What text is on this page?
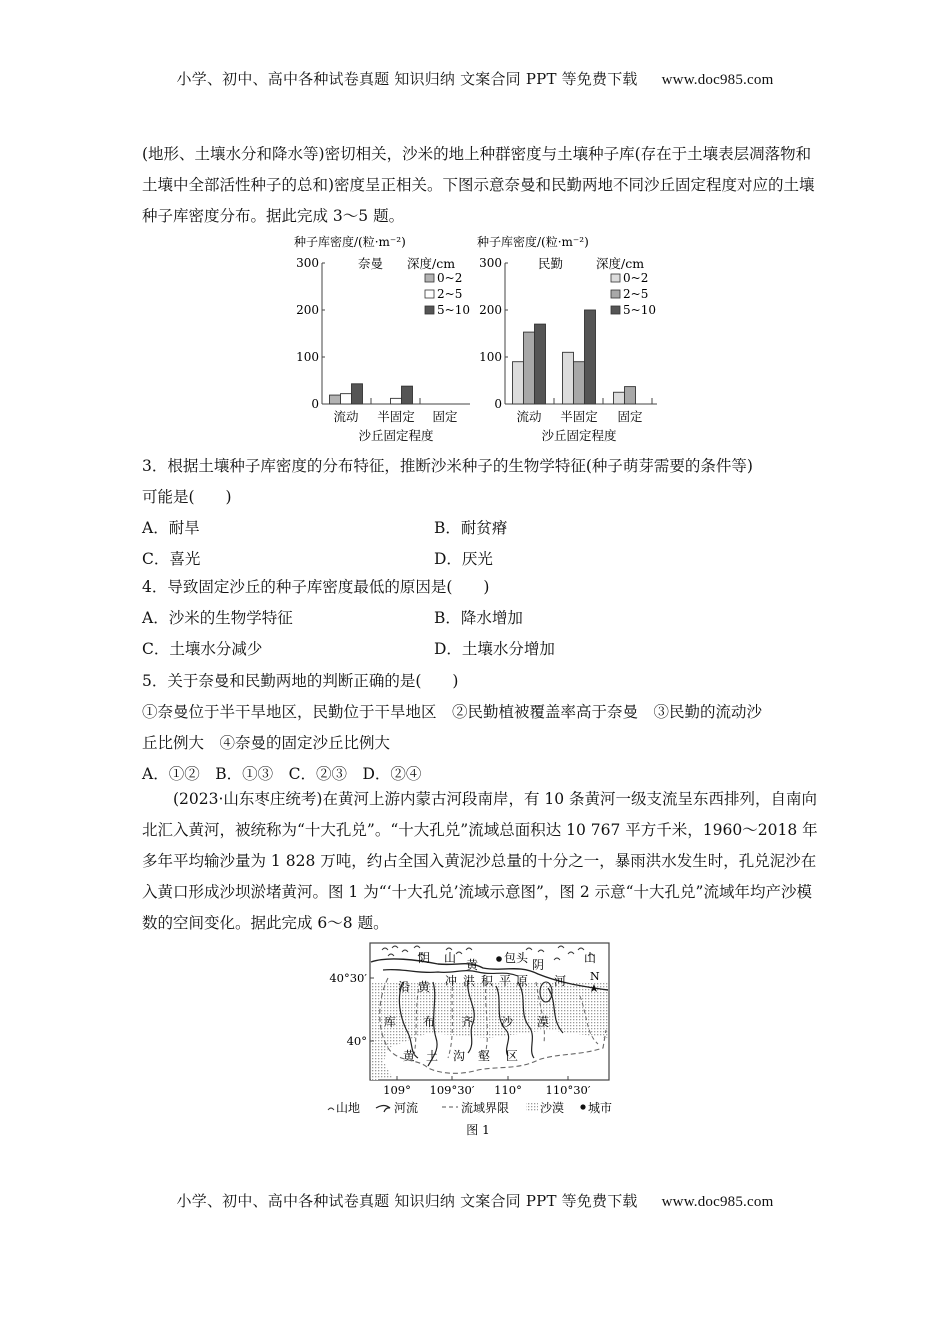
小学、初中、高中各种试卷真题 知识归纳 文案合同 PPT 等免费下载 www.doc985.com
(地形、土壤水分和降水等)密切相关，沙米的地上种群密度与土壤种子库(存在于土壤表层凋落物和土壤中全部活性种子的总和)密度呈正相关。下图示意奈曼和民勤两地不同沙丘固定程度对应的土壤种子库密度分布。据此完成 3～5 题。
种子库密度/(粒·m⁻²)
奈曼 深度/cm
300
200
100
0
0~2
2~5
5~10
流动 半固定 固定
沙丘固定程度
种子库密度/(粒·m⁻²)
民勤	深度/cm
300
200
100
0
0~2
2~5
5~10
流动 半固定 固定
沙丘固定程度
3．根据土壤种子库密度的分布特征，推断沙米种子的生物学特征(种子萌芽需要的条件等)
可能是(　　)
A．耐旱	B．耐贫瘠
C．喜光	D．厌光
4．导致固定沙丘的种子库密度最低的原因是(　　)
A．沙米的生物学特征	B．降水增加
C．土壤水分减少	D．土壤水分增加
5．关于奈曼和民勤两地的判断正确的是(　　)
①奈曼位于半干旱地区，民勤位于干旱地区　②民勤植被覆盖率高于奈曼　③民勤的流动沙
丘比例大　④奈曼的固定沙丘比例大
A．①②　B．①③　C．②③　D．②④
(2023·山东枣庄统考)在黄河上游内蒙古河段南岸，有 10 条黄河一级支流呈东西排列，自南向北汇入黄河，被统称为“十大孔兑”。“十大孔兑”流域总面积达 10 767 平方千米，1960～2018 年多年平均输沙量为 1 828 万吨，约占全国入黄泥沙总量的十分之一，暴雨洪水发生时，孔兑泥沙在入黄口形成沙坝淤堵黄河。图 1 为“‘十大孔兑’流域示意图”，图 2 示意“十大孔兑”流域年均产沙模数的空间变化。据此完成 6～8 题。
阴 山 黄 包头 阴	山
河 N
沿 黄 冲 洪 积 平 原
库 布 齐 沙 漠
黄 土 沟 壑 区
40°30′
40°
109° 109°30′ 110° 110°30′
山地	河流	流域界限	沙漠 城市
图 1
小学、初中、高中各种试卷真题 知识归纳 文案合同 PPT 等免费下载 www.doc985.com
